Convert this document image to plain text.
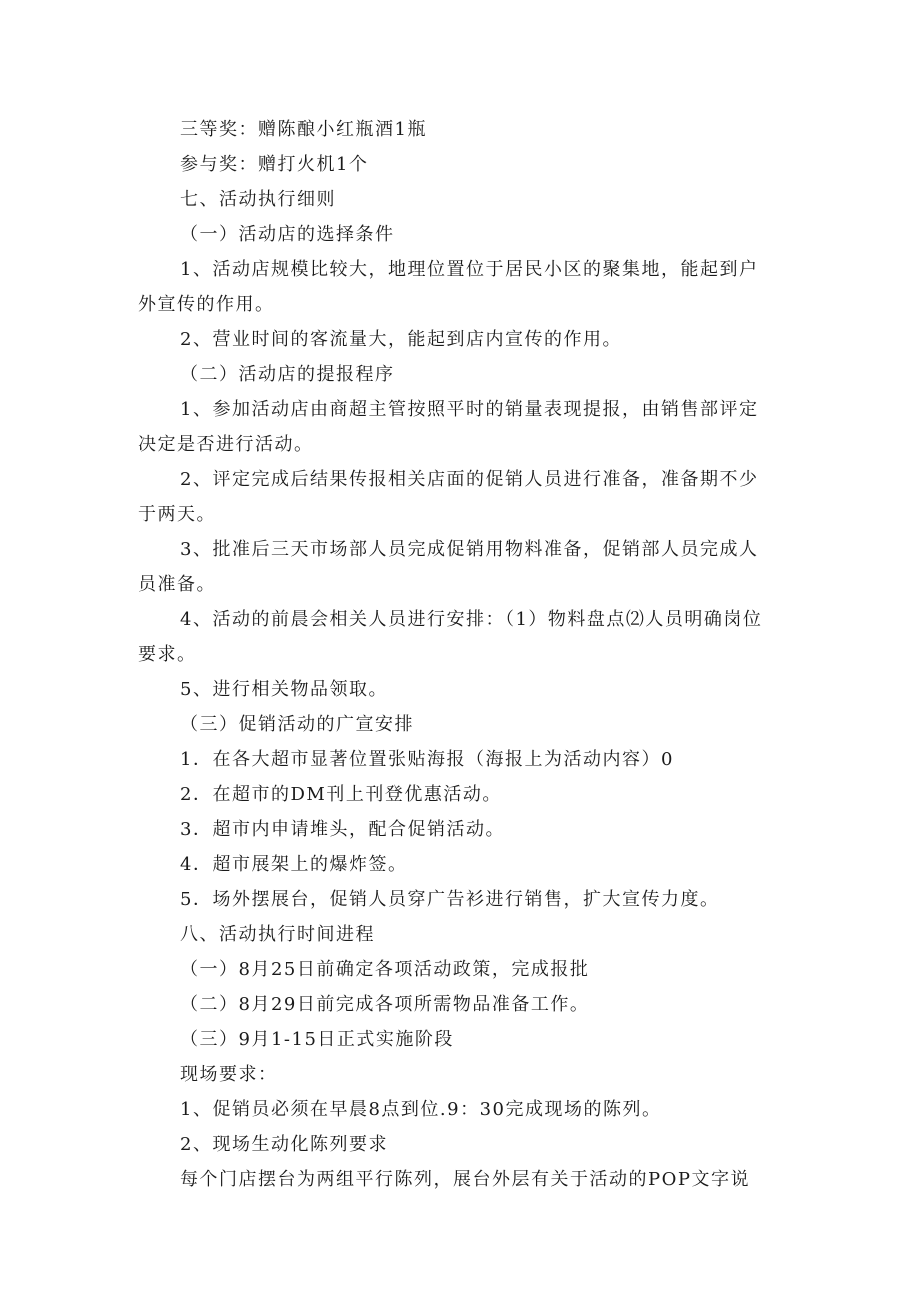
三等奖：赠陈酿小红瓶酒1瓶
参与奖：赠打火机1个
七、活动执行细则
（一）活动店的选择条件
1、活动店规模比较大，地理位置位于居民小区的聚集地，能起到户
外宣传的作用。
2、营业时间的客流量大，能起到店内宣传的作用。
（二）活动店的提报程序
1、参加活动店由商超主管按照平时的销量表现提报，由销售部评定
决定是否进行活动。
2、评定完成后结果传报相关店面的促销人员进行准备，准备期不少
于两天。
3、批准后三天市场部人员完成促销用物料准备，促销部人员完成人
员准备。
4、活动的前晨会相关人员进行安排：（1）物料盘点⑵人员明确岗位
要求。
5、进行相关物品领取。
（三）促销活动的广宣安排
1．在各大超市显著位置张贴海报（海报上为活动内容）0
2．在超市的DM刊上刊登优惠活动。
3．超市内申请堆头，配合促销活动。
4．超市展架上的爆炸签。
5．场外摆展台，促销人员穿广告衫进行销售，扩大宣传力度。
八、活动执行时间进程
（一）8月25日前确定各项活动政策，完成报批
（二）8月29日前完成各项所需物品准备工作。
（三）9月1-15日正式实施阶段
现场要求：
1、促销员必须在早晨8点到位.9：30完成现场的陈列。
2、现场生动化陈列要求
每个门店摆台为两组平行陈列，展台外层有关于活动的POP文字说
